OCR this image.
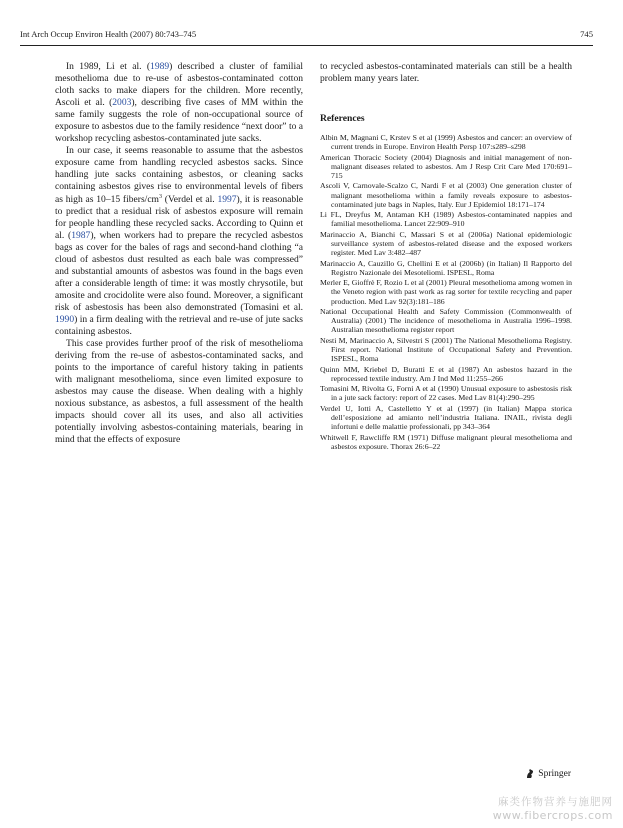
Int Arch Occup Environ Health (2007) 80:743–745	745

In 1989, Li et al. (1989) described a cluster of familial mesothelioma due to re-use of asbestos-contaminated cotton cloth sacks to make diapers for the children. More recently, Ascoli et al. (2003), describing five cases of MM within the same family suggests the role of non-occupational source of exposure to asbestos due to the family residence “next door” to a workshop recycling asbestos-contaminated jute sacks.

In our case, it seems reasonable to assume that the asbestos exposure came from handling recycled asbestos sacks. Since handling jute sacks containing asbestos, or cleaning sacks containing asbestos gives rise to environmental levels of fibers as high as 10–15 fibers/$cm^3$ (Verdel et al. 1997), it is reasonable to predict that a residual risk of asbestos exposure will remain for people handling these recycled sacks. According to Quinn et al. (1987), when workers had to prepare the recycled asbestos bags as cover for the bales of rags and second-hand clothing “a cloud of asbestos dust resulted as each bale was compressed” and substantial amounts of asbestos was found in the bags even after a considerable length of time: it was mostly chrysotile, but amosite and crocidolite were also found. Moreover, a significant risk of asbestosis has been also demonstrated (Tomasini et al. 1990) in a firm dealing with the retrieval and re-use of jute sacks containing asbestos.

This case provides further proof of the risk of mesothelioma deriving from the re-use of asbestos-contaminated sacks, and points to the importance of careful history taking in patients with malignant mesothelioma, since even limited exposure to asbestos may cause the disease. When dealing with a highly noxious substance, as asbestos, a full assessment of the health impacts should cover all its uses, and also all activities potentially involving asbestos-containing materials, bearing in mind that the effects of exposure

to recycled asbestos-contaminated materials can still be a health problem many years later.

References
Albin M, Magnani C, Krstev S et al (1999) Asbestos and cancer: an overview of current trends in Europe. Environ Health Persp 107:s289–s298
American Thoracic Society (2004) Diagnosis and initial management of non-malignant diseases related to asbestos. Am J Resp Crit Care Med 170:691–715
Ascoli V, Carnovale-Scalzo C, Nardi F et al (2003) One generation cluster of malignant mesothelioma within a family reveals exposure to asbestos-contaminated jute bags in Naples, Italy. Eur J Epidemiol 18:171–174
Li FL, Dreyfus M, Antaman KH (1989) Asbestos-contaminated nappies and familial mesothelioma. Lancet 22:909–910
Marinaccio A, Bianchi C, Massari S et al (2006a) National epidemiologic surveillance system of asbestos-related disease and the exposed workers register. Med Lav 3:482–487
Marinaccio A, Cauzillo G, Chellini E et al (2006b) (in Italian) Il Rapporto del Registro Nazionale dei Mesoteliomi. ISPESL, Roma
Merler E, Gioffrè F, Rozio L et al (2001) Pleural mesothelioma among women in the Veneto region with past work as rag sorter for textile recycling and paper production. Med Lav 92(3):181–186
National Occupational Health and Safety Commission (Commonwealth of Australia) (2001) The incidence of mesothelioma in Australia 1996–1998. Australian mesothelioma register report
Nesti M, Marinaccio A, Silvestri S (2001) The National Mesothelioma Registry. First report. National Institute of Occupational Safety and Prevention. ISPESL, Roma
Quinn MM, Kriebel D, Buratti E et al (1987) An asbestos hazard in the reprocessed textile industry. Am J Ind Med 11:255–266
Tomasini M, Rivolta G, Forni A et al (1990) Unusual exposure to asbestosis risk in a jute sack factory: report of 22 cases. Med Lav 81(4):290–295
Verdel U, Iotti A, Castelletto Y et al (1997) (in Italian) Mappa storica dell’esposizione ad amianto nell’industria Italiana. INAIL, rivista degli infortuni e delle malattie professionali, pp 343–364
Whitwell F, Rawcliffe RM (1971) Diffuse malignant pleural mesothelioma and asbestos exposure. Thorax 26:6–22
Springer
麻类作物营养与施肥网
www.fibercrops.com
